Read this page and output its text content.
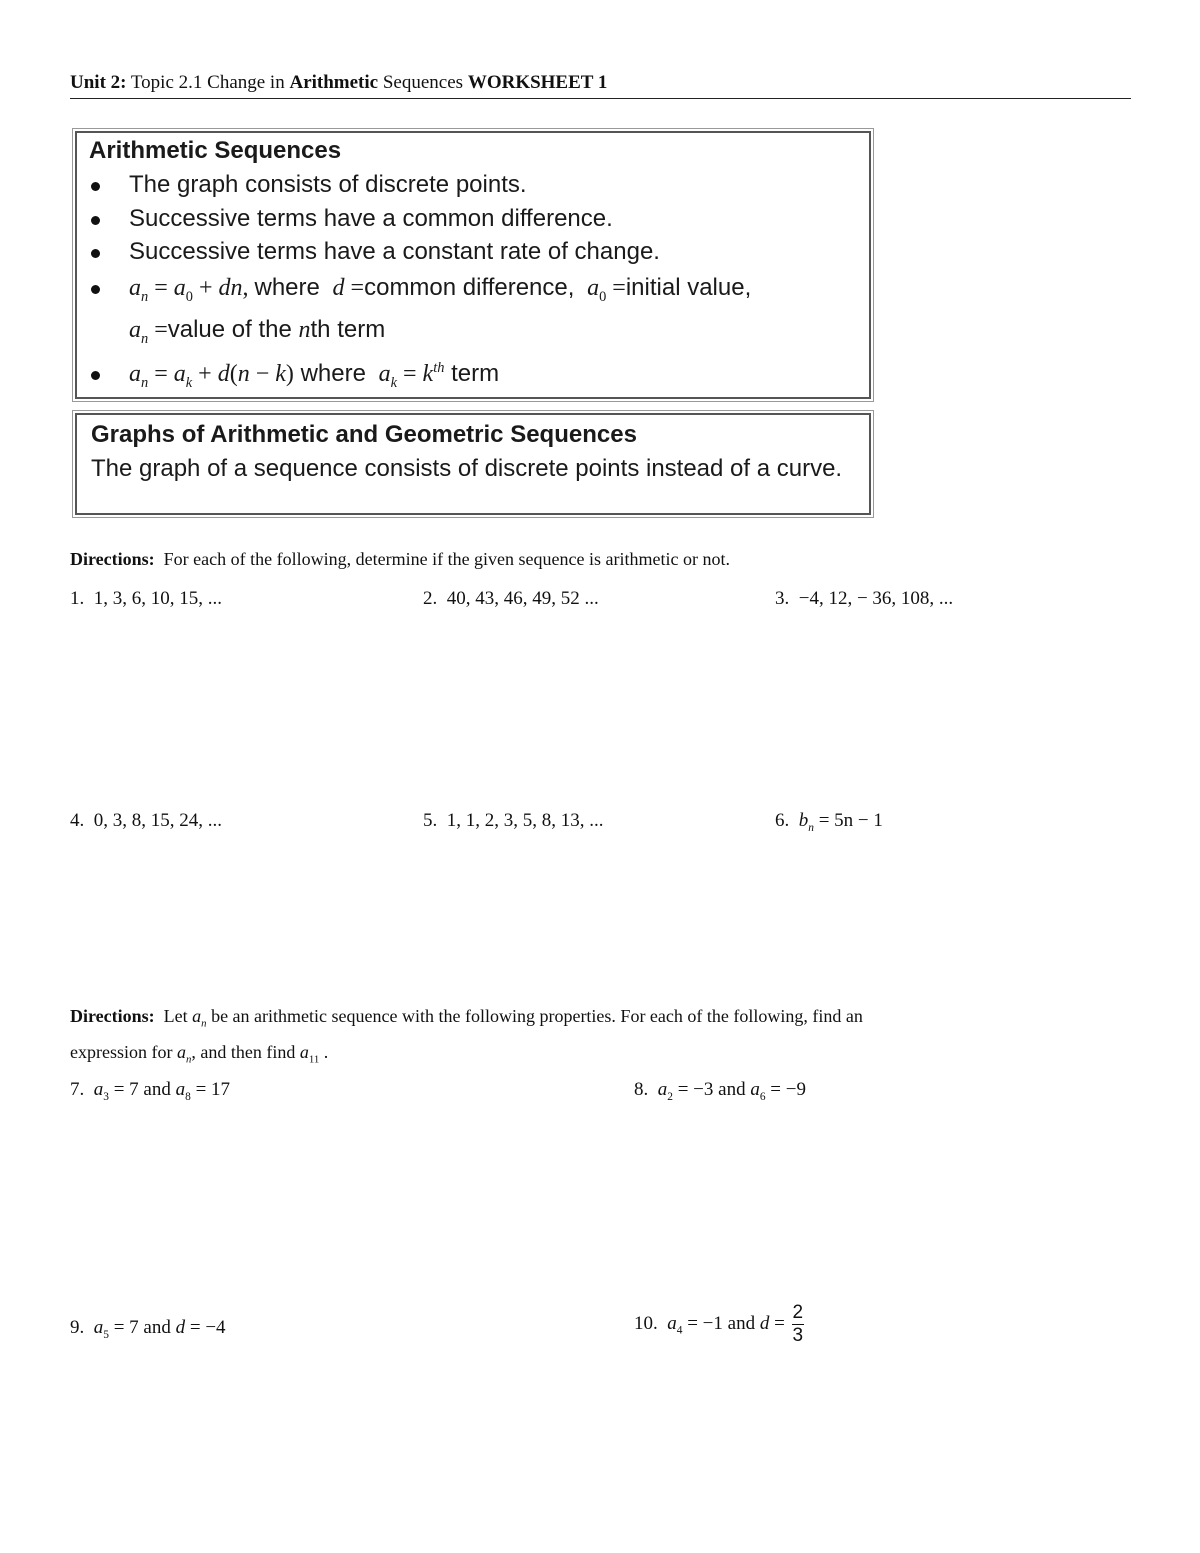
Unit 2: Topic 2.1 Change in Arithmetic Sequences WORKSHEET 1
Arithmetic Sequences
The graph consists of discrete points.
Successive terms have a common difference.
Successive terms have a constant rate of change.
$a_n = a_0$ + dn, where  d =common difference,  $a_0$ =initial value,
$a_n$ =value of the nth term
$a_n = a_k + d(n - k)$ where  $a_k = k^{th}$ term
Graphs of Arithmetic and Geometric Sequences
The graph of a sequence consists of discrete points instead of a curve.
Directions: For each of the following, determine if the given sequence is arithmetic or not.
1. 1, 3, 6, 10, 15, ...	2. 40, 43, 46, 49, 52 ...	3. −4, 12, − 36, 108, ...
4. 0, 3, 8, 15, 24, ...	5. 1, 1, 2, 3, 5, 8, 13, ...	6. $b_n = 5n - 1$
Directions: Let $a_n$ be an arithmetic sequence with the following properties. For each of the following, find an
expression for $a_n$, and then find $a_{11}$ .
7. $a_3 = 7$ and $a_8 = 17$	8. $a_2 = -3$ and $a_6 = -9$
9. $a_5 = 7$ and d = −4	10. $a_4 = -1$ and $d = \frac{2}{3}$
